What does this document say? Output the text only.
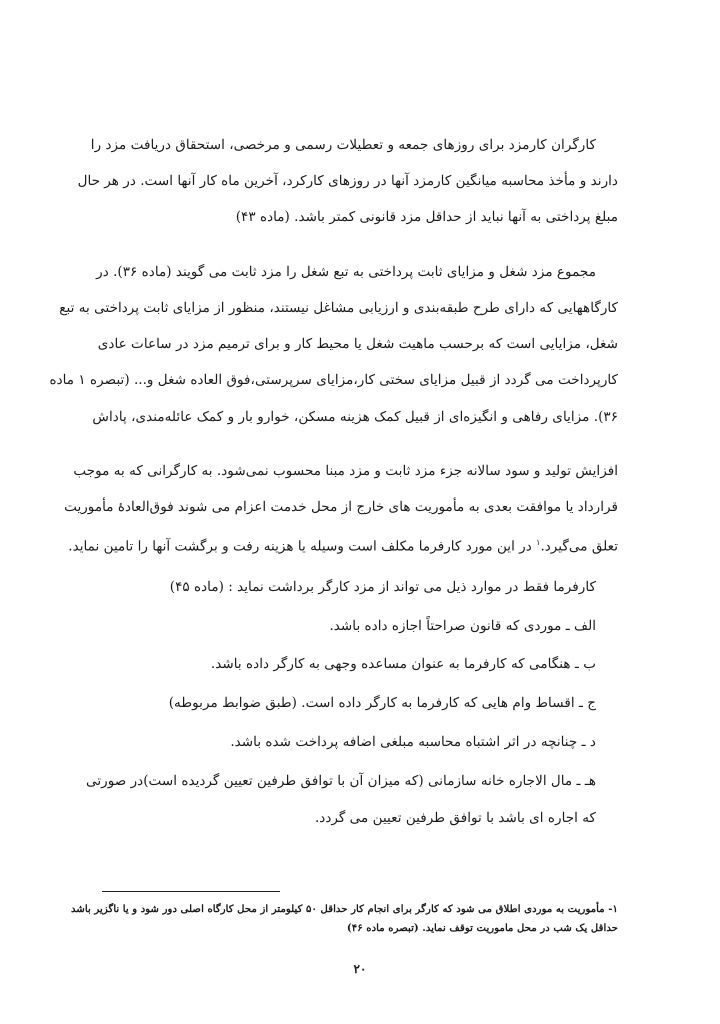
کارگران کارمزد برای روزهای جمعه و تعطیلات رسمی و مرخصی، استحقاق دریافت مزد را
دارند و مأخذ محاسبه میانگین کارمزد آنها در روزهای کارکرد، آخرین ماه کار آنها است. در هر حال
مبلغ پرداختی به آنها نباید از حداقل مزد قانونی کمتر باشد. (ماده ۴۳)
مجموع مزد شغل و مزایای ثابت پرداختی به تبع شغل را مزد ثابت می گویند (ماده ۳۶). در
کارگاههایی که دارای طرح طبقه‌بندی و ارزیابی مشاغل نیستند، منظور از مزایای ثابت پرداختی به تبع
شغل، مزایایی است که برحسب ماهیت شغل یا محیط کار و برای ترمیم مزد در ساعات عادی
کارپرداخت می گردد از قبیل مزایای سختی کار،مزایای سرپرستی،فوق العاده شغل و... (تبصره ۱ ماده
۳۶). مزایای رفاهی و انگیزه‌ای از قبیل کمک هزینه مسکن، خوارو بار و کمک عائله‌مندی، پاداش
افزایش تولید و سود سالانه جزء مزد ثابت و مزد مبنا محسوب نمی‌شود. به کارگرانی که به موجب
قرارداد یا موافقت بعدی به مأموریت های خارج از محل خدمت اعزام می شوند فوق‌العادهٔ مأموریت
تعلق می‌گیرد.$^۱$ در این مورد کارفرما مکلف است وسیله یا هزینه رفت و برگشت آنها را تامین نماید.
کارفرما فقط در موارد ذیل می تواند از مزد کارگر برداشت نماید : (ماده ۴۵)
الف ـ موردی که قانون صراحتاً اجازه داده باشد.
ب ـ هنگامی که کارفرما به عنوان مساعده وجهی به کارگر داده باشد.
ج ـ اقساط وام هایی که کارفرما به کارگر داده است. (طبق ضوابط مربوطه)
د ـ چنانچه در اثر اشتباه محاسبه مبلغی اضافه پرداخت شده باشد.
هـ ـ مال الاجاره خانه سازمانی (که میزان آن با توافق طرفین تعیین گردیده است)در صورتی
که اجاره ای باشد با توافق طرفین تعیین می گردد.
۱- مأموریت به موردی اطلاق می شود که کارگر برای انجام کار حداقل ۵۰ کیلومتر از محل کارگاه اصلی دور شود و یا ناگزیر باشد
حداقل یک شب در محل ماموریت توقف نماید. (تبصره ماده ۴۶)
۲۰
